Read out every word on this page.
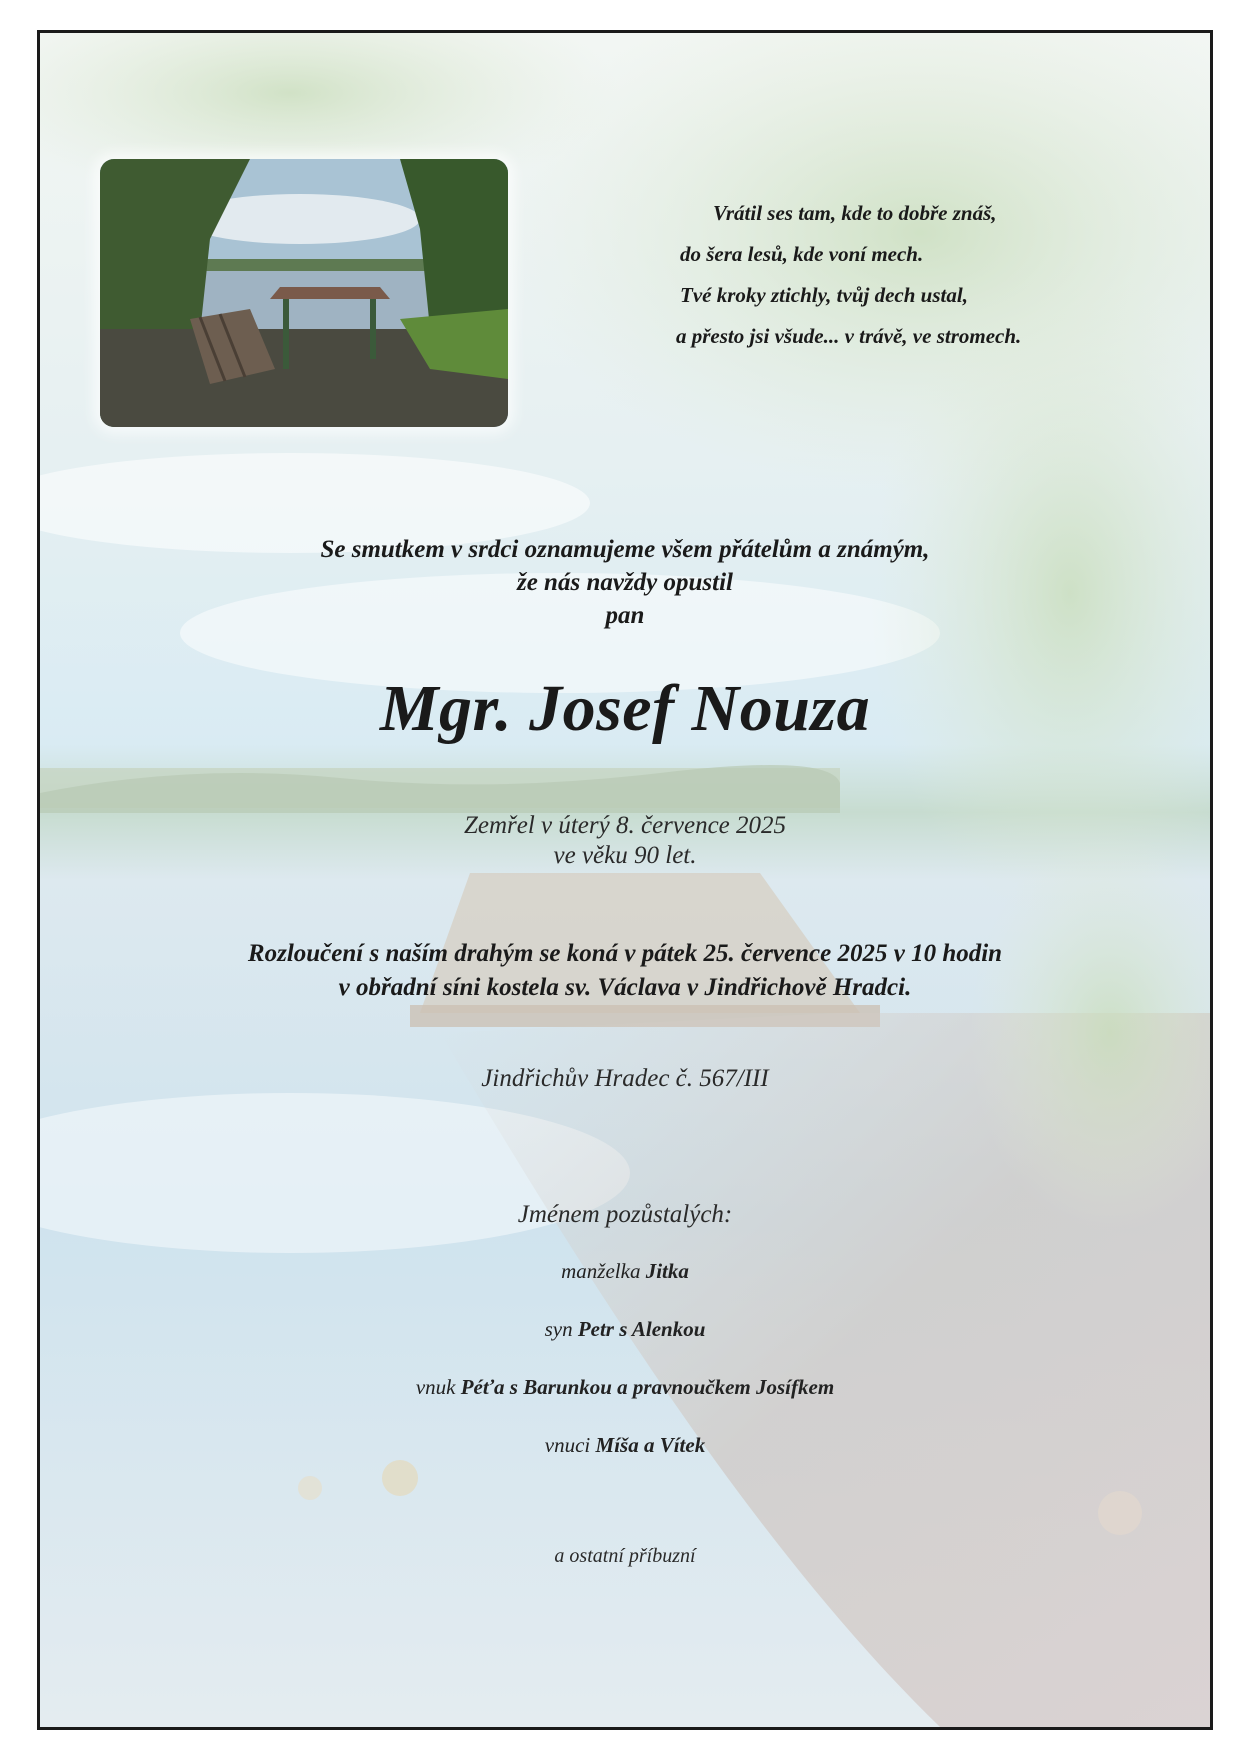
Vrátil ses tam, kde to dobře znáš,
do šera lesů, kde voní mech.
Tvé kroky ztichly, tvůj dech ustal,
a přesto jsi všude... v trávě, ve stromech.
Se smutkem v srdci oznamujeme všem přátelům a známým,
že nás navždy opustil
pan
Mgr. Josef Nouza
Zemřel v úterý 8. července 2025
ve věku 90 let.
Rozloučení s naším drahým se koná v pátek 25. července 2025 v 10 hodin
v obřadní síni kostela sv. Václava v Jindřichově Hradci.
Jindřichův Hradec č. 567/III
Jménem pozůstalých:
manželka Jitka
syn Petr s Alenkou
vnuk Péťa s Barunkou a pravnoučkem Josífkem
vnuci Míša a Vítek
a ostatní příbuzní
